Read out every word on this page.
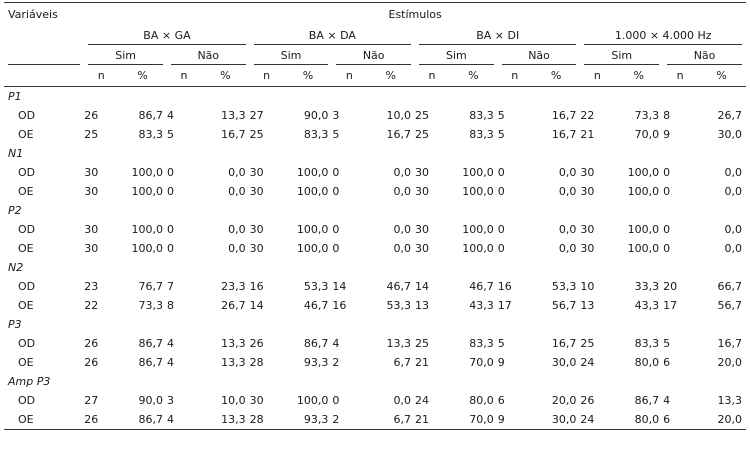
Variáveis	Estímulos															
	BA × GA				BA × DA				BA × DI				1.000 × 4.000 Hz			
	Sim		Não		Sim		Não		Sim		Não		Sim		Não	
	n	%	n	%	n	%	n	%	n	%	n	%	n	%	n	%
P1																
OD	26	86,7	4	13,3	27	90,0	3	10,0	25	83,3	5	16,7	22	73,3	8	26,7
OE	25	83,3	5	16,7	25	83,3	5	16,7	25	83,3	5	16,7	21	70,0	9	30,0
N1																
OD	30	100,0	0	0,0	30	100,0	0	0,0	30	100,0	0	0,0	30	100,0	0	0,0
OE	30	100,0	0	0,0	30	100,0	0	0,0	30	100,0	0	0,0	30	100,0	0	0,0
P2																
OD	30	100,0	0	0,0	30	100,0	0	0,0	30	100,0	0	0,0	30	100,0	0	0,0
OE	30	100,0	0	0,0	30	100,0	0	0,0	30	100,0	0	0,0	30	100,0	0	0,0
N2																
OD	23	76,7	7	23,3	16	53,3	14	46,7	14	46,7	16	53,3	10	33,3	20	66,7
OE	22	73,3	8	26,7	14	46,7	16	53,3	13	43,3	17	56,7	13	43,3	17	56,7
P3																
OD	26	86,7	4	13,3	26	86,7	4	13,3	25	83,3	5	16,7	25	83,3	5	16,7
OE	26	86,7	4	13,3	28	93,3	2	6,7	21	70,0	9	30,0	24	80,0	6	20,0
Amp P3																
OD	27	90,0	3	10,0	30	100,0	0	0,0	24	80,0	6	20,0	26	86,7	4	13,3
OE	26	86,7	4	13,3	28	93,3	2	6,7	21	70,0	9	30,0	24	80,0	6	20,0
